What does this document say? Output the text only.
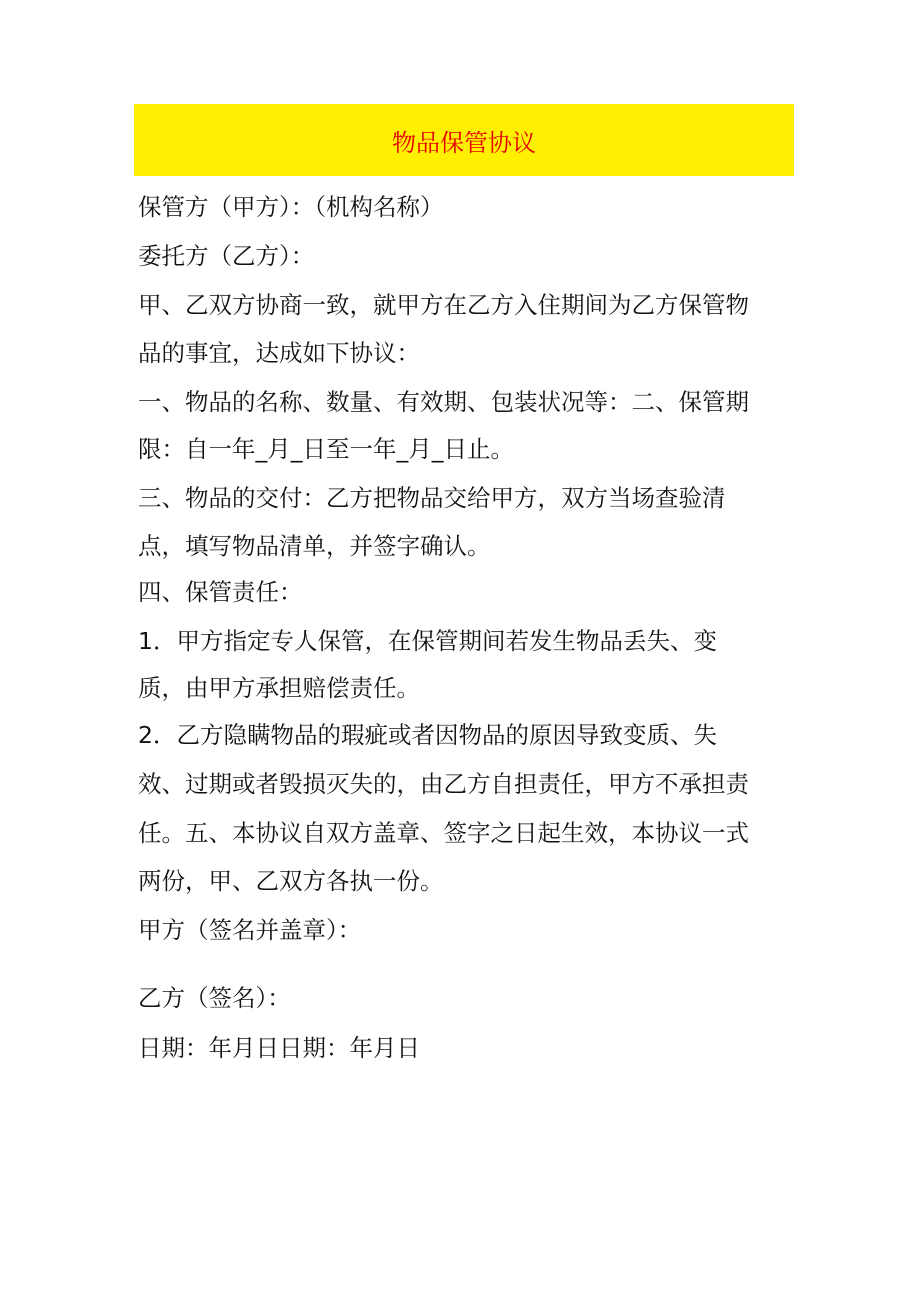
物品保管协议
保管方（甲方）：（机构名称）
委托方（乙方）：
甲、乙双方协商一致，就甲方在乙方入住期间为乙方保管物
品的事宜，达成如下协议：
一、物品的名称、数量、有效期、包装状况等：二、保管期
限：自一年_月_日至一年_月_日止。
三、物品的交付：乙方把物品交给甲方，双方当场查验清
点，填写物品清单，并签字确认。
四、保管责任：
1．甲方指定专人保管，在保管期间若发生物品丢失、变
质，由甲方承担赔偿责任。
2．乙方隐瞒物品的瑕疵或者因物品的原因导致变质、失
效、过期或者毁损灭失的，由乙方自担责任，甲方不承担责
任。五、本协议自双方盖章、签字之日起生效，本协议一式
两份，甲、乙双方各执一份。
甲方（签名并盖章）：
乙方（签名）：
日期：年月日日期：年月日
